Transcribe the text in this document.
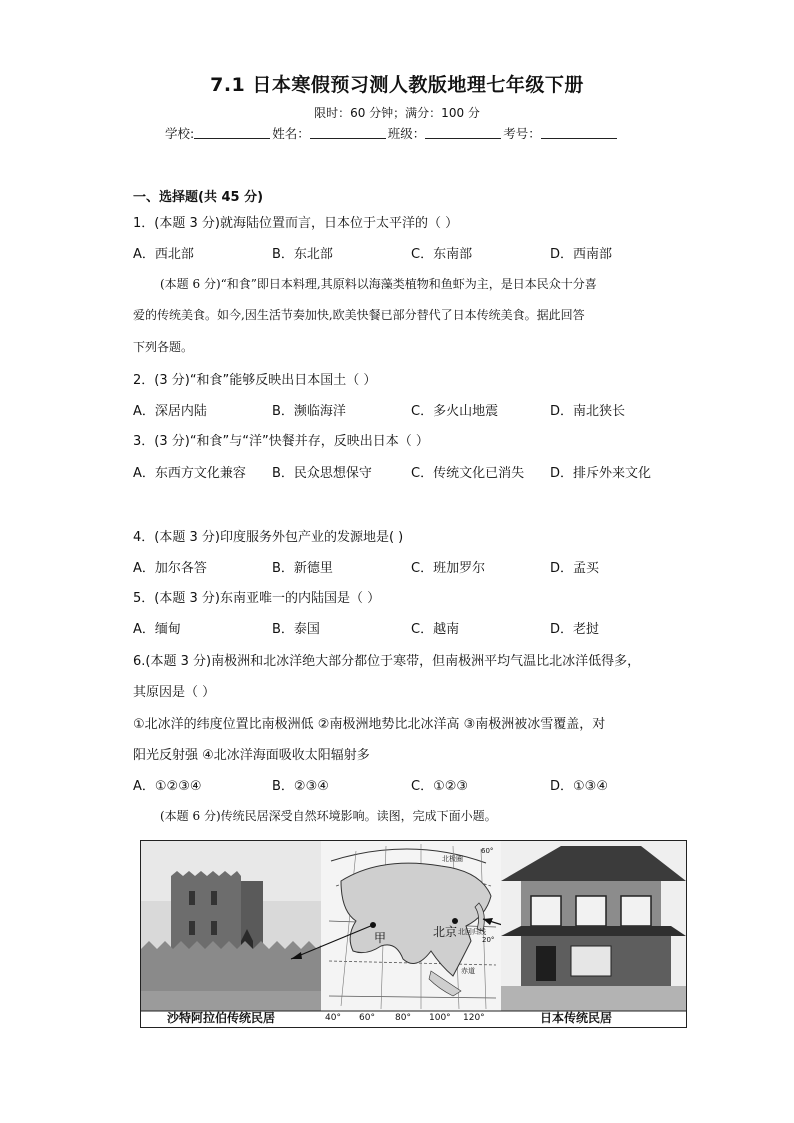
7.1 日本寒假预习测人教版地理七年级下册
限时：60 分钟；满分：100 分
学校:	姓名：	班级：	考号：
一、选择题(共 45 分)
1．(本题 3 分)就海陆位置而言，日本位于太平洋的（ ）
A．西北部	B．东北部	C．东南部	D．西南部
(本题 6 分)“和食”即日本料理,其原料以海藻类植物和鱼虾为主，是日本民众十分喜
爱的传统美食。如今,因生活节奏加快,欧美快餐已部分替代了日本传统美食。据此回答
下列各题。
2．(3 分)“和食”能够反映出日本国土（ ）
A．深居内陆	B．濒临海洋	C．多火山地震	D．南北狭长
3．(3 分)“和食”与“洋”快餐并存，反映出日本（ ）
A．东西方文化兼容 B．民众思想保守	C．传统文化已消失 D．排斥外来文化
4．(本题 3 分)印度服务外包产业的发源地是( )
A．加尔各答	B．新德里	C．班加罗尔	D．孟买
5．(本题 3 分)东南亚唯一的内陆国是（ ）
A．缅甸	B．泰国	C．越南	D．老挝
6.(本题 3 分)南极洲和北冰洋绝大部分都位于寒带，但南极洲平均气温比北冰洋低得多，
其原因是（ ）
①北冰洋的纬度位置比南极洲低 ②南极洲地势比北冰洋高 ③南极洲被冰雪覆盖，对
阳光反射强 ④北冰洋海面吸收太阳辐射多
A．①②③④	B．②③④	C．①②③	D．①③④
(本题 6 分)传统民居深受自然环境影响。读图，完成下面小题。
甲	北京
北极圈
60°
北回归线
20°
赤道
沙特阿拉伯传统民居	40° 60° 80° 100° 120°	日本传统民居
